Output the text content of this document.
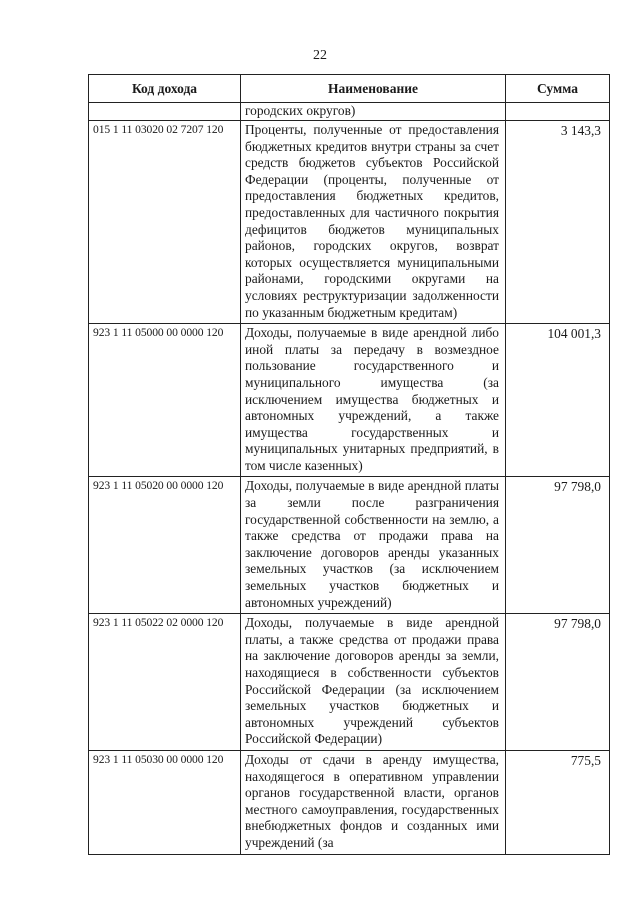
22
Код дохода	Наименование	Сумма
	городских округов)	
015 1 11 03020 02 7207 120	Проценты, полученные от предоставления бюджетных кредитов внутри страны за счет средств бюджетов субъектов Российской Федерации (проценты, полученные от предоставления бюджетных кредитов, предоставленных для частичного покрытия дефицитов бюджетов муниципальных районов, городских округов, возврат которых осуществляется муниципальными районами, городскими округами на условиях реструктуризации задолженности по указанным бюджетным кредитам)	3 143,3
923 1 11 05000 00 0000 120	Доходы, получаемые в виде арендной либо иной платы за передачу в возмездное пользование государственного и муниципального имущества (за исключением имущества бюджетных и автономных учреждений, а также имущества государственных и муниципальных унитарных предприятий, в том числе казенных)	104 001,3
923 1 11 05020 00 0000 120	Доходы, получаемые в виде арендной платы за земли после разграничения государственной собственности на землю, а также средства от продажи права на заключение договоров аренды указанных земельных участков (за исключением земельных участков бюджетных и автономных учреждений)	97 798,0
923 1 11 05022 02 0000 120	Доходы, получаемые в виде арендной платы, а также средства от продажи права на заключение договоров аренды за земли, находящиеся в собственности субъектов Российской Федерации (за исключением земельных участков бюджетных и автономных учреждений субъектов Российской Федерации)	97 798,0
923 1 11 05030 00 0000 120	Доходы от сдачи в аренду имущества, находящегося в оперативном управлении органов государственной власти, органов местного самоуправления, государственных внебюджетных фондов и созданных ими учреждений (за	775,5
